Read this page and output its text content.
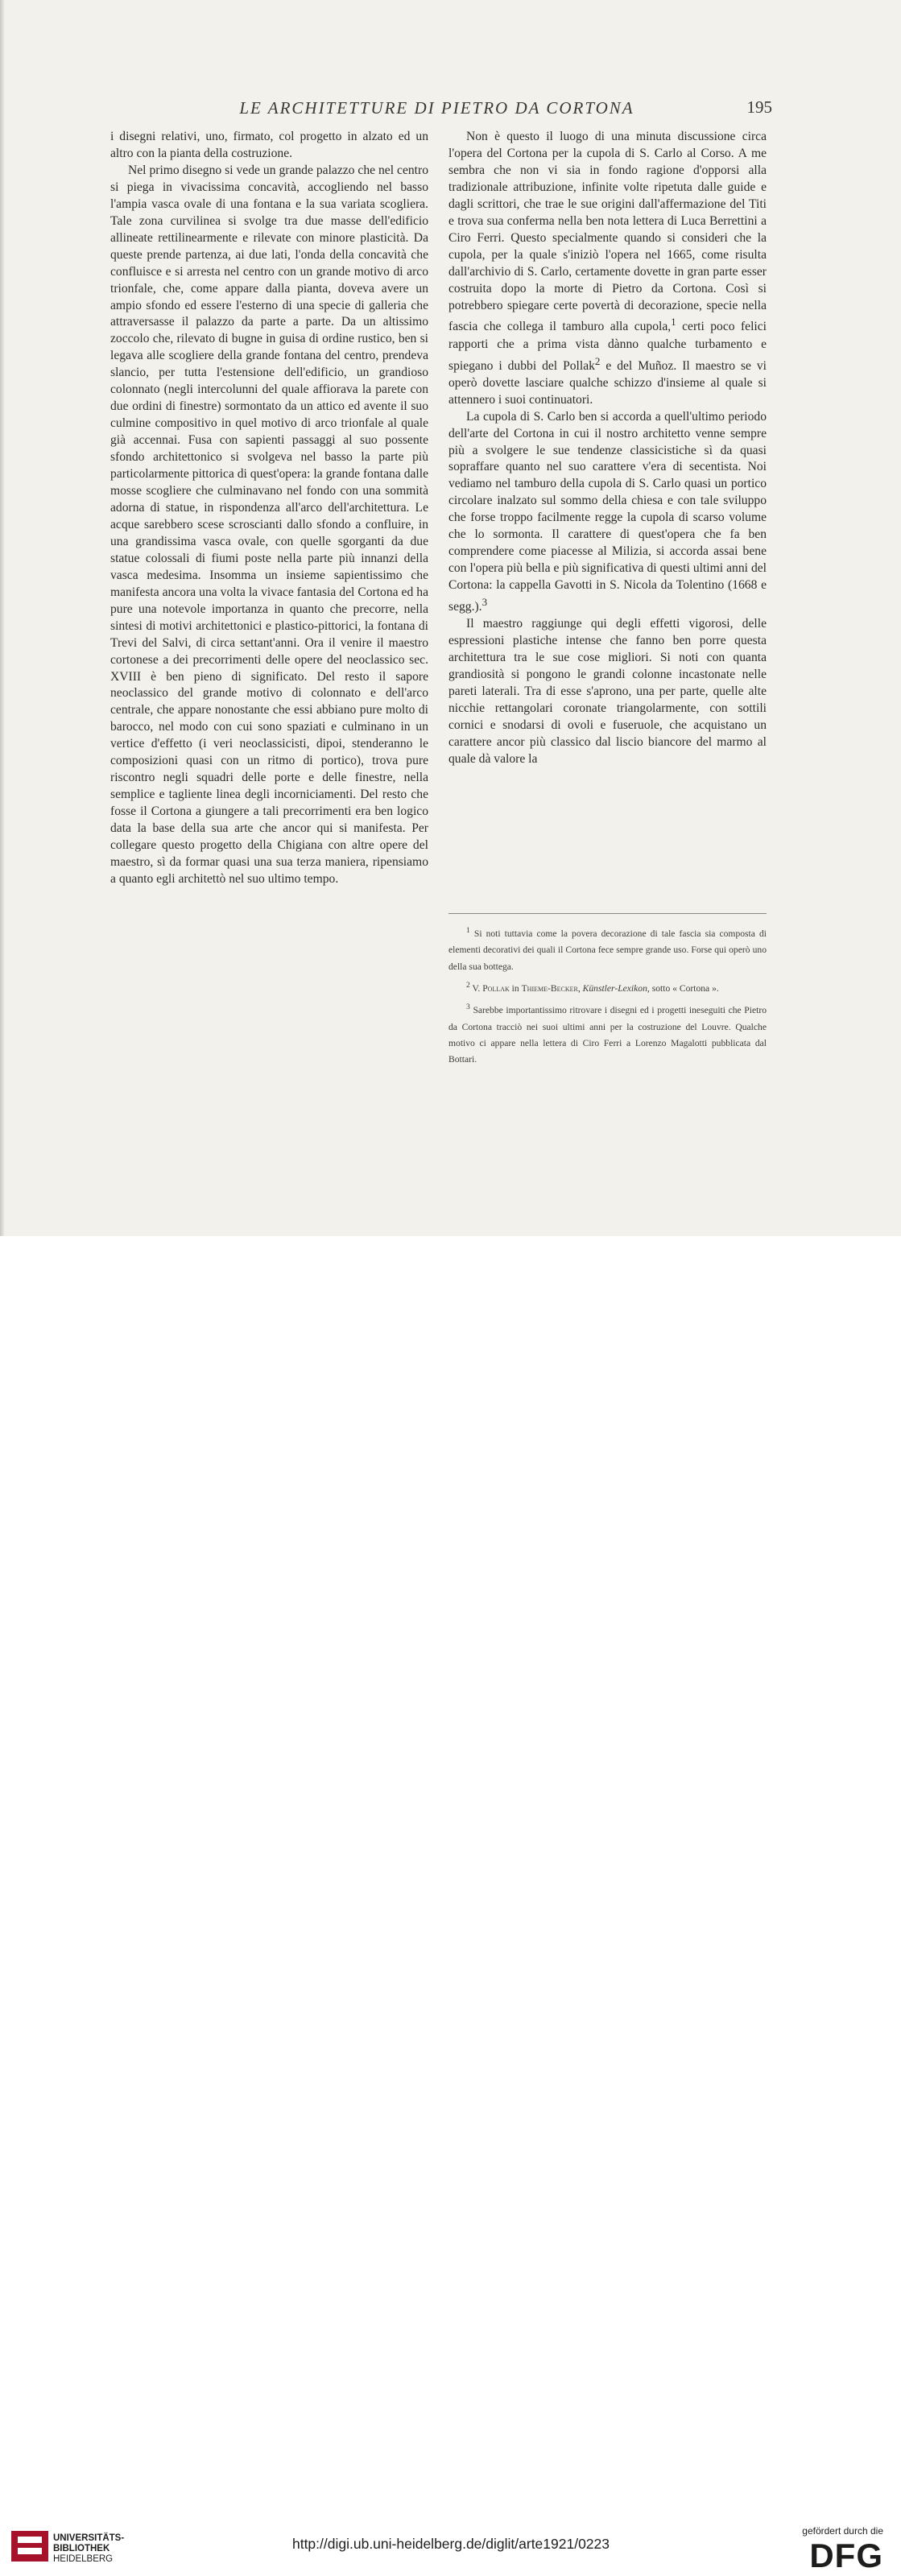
LE ARCHITETTURE DI PIETRO DA CORTONA	195

i disegni relativi, uno, firmato, col progetto in alzato ed un altro con la pianta della costruzione.

Nel primo disegno si vede un grande palazzo che nel centro si piega in vivacissima concavità, accogliendo nel basso l'ampia vasca ovale di una fontana e la sua variata scogliera. Tale zona curvilinea si svolge tra due masse dell'edificio allineate rettilinearmente e rilevate con minore plasticità. Da queste prende partenza, ai due lati, l'onda della concavità che confluisce e si arresta nel centro con un grande motivo di arco trionfale, che, come appare dalla pianta, doveva avere un ampio sfondo ed essere l'esterno di una specie di galleria che attraversasse il palazzo da parte a parte. Da un altissimo zoccolo che, rilevato di bugne in guisa di ordine rustico, ben si legava alle scogliere della grande fontana del centro, prendeva slancio, per tutta l'estensione dell'edificio, un grandioso colonnato (negli intercolunni del quale affiorava la parete con due ordini di finestre) sormontato da un attico ed avente il suo culmine compositivo in quel motivo di arco trionfale al quale già accennai. Fusa con sapienti passaggi al suo possente sfondo architettonico si svolgeva nel basso la parte più particolarmente pittorica di quest'opera: la grande fontana dalle mosse scogliere che culminavano nel fondo con una sommità adorna di statue, in rispondenza all'arco dell'architettura. Le acque sarebbero scese scroscianti dallo sfondo a confluire, in una grandissima vasca ovale, con quelle sgorganti da due statue colossali di fiumi poste nella parte più innanzi della vasca medesima. Insomma un insieme sapientissimo che manifesta ancora una volta la vivace fantasia del Cortona ed ha pure una notevole importanza in quanto che precorre, nella sintesi di motivi architettonici e plastico-pittorici, la fontana di Trevi del Salvi, di circa settant'anni. Ora il venire il maestro cortonese a dei precorrimenti delle opere del neoclassico sec. XVIII è ben pieno di significato. Del resto il sapore neoclassico del grande motivo di colonnato e dell'arco centrale, che appare nonostante che essi abbiano pure molto di barocco, nel modo con cui sono spaziati e culminano in un vertice d'effetto (i veri neoclassicisti, dipoi, stenderanno le composizioni quasi con un ritmo di portico), trova pure riscontro negli squadri delle porte e delle finestre, nella semplice e tagliente linea degli incorniciamenti. Del resto che fosse il Cortona a giungere a tali precorrimenti era ben logico data la base della sua arte che ancor qui si manifesta. Per collegare questo progetto della Chigiana con altre opere del maestro, sì da formar quasi una sua terza maniera, ripensiamo a quanto egli architettò nel suo ultimo tempo.

Non è questo il luogo di una minuta discussione circa l'opera del Cortona per la cupola di S. Carlo al Corso. A me sembra che non vi sia in fondo ragione d'opporsi alla tradizionale attribuzione, infinite volte ripetuta dalle guide e dagli scrittori, che trae le sue origini dall'affermazione del Titi e trova sua conferma nella ben nota lettera di Luca Berrettini a Ciro Ferri. Questo specialmente quando si consideri che la cupola, per la quale s'iniziò l'opera nel 1665, come risulta dall'archivio di S. Carlo, certamente dovette in gran parte esser costruita dopo la morte di Pietro da Cortona. Così si potrebbero spiegare certe povertà di decorazione, specie nella fascia che collega il tamburo alla cupola,$^1$ certi poco felici rapporti che a prima vista dànno qualche turbamento e spiegano i dubbi del Pollak$^2$ e del Muñoz. Il maestro se vi operò dovette lasciare qualche schizzo d'insieme al quale si attennero i suoi continuatori.

La cupola di S. Carlo ben si accorda a quell'ultimo periodo dell'arte del Cortona in cui il nostro architetto venne sempre più a svolgere le sue tendenze classicistiche sì da quasi sopraffare quanto nel suo carattere v'era di secentista. Noi vediamo nel tamburo della cupola di S. Carlo quasi un portico circolare inalzato sul sommo della chiesa e con tale sviluppo che forse troppo facilmente regge la cupola di scarso volume che lo sormonta. Il carattere di quest'opera che fa ben comprendere come piacesse al Milizia, si accorda assai bene con l'opera più bella e più significativa di questi ultimi anni del Cortona: la cappella Gavotti in S. Nicola da Tolentino (1668 e segg.).$^3$

Il maestro raggiunge qui degli effetti vigorosi, delle espressioni plastiche intense che fanno ben porre questa architettura tra le sue cose migliori. Si noti con quanta grandiosità si pongono le grandi colonne incastonate nelle pareti laterali. Tra di esse s'aprono, una per parte, quelle alte nicchie rettangolari coronate triangolarmente, con sottili cornici e snodarsi di ovoli e fuseruole, che acquistano un carattere ancor più classico dal liscio biancore del marmo al quale dà valore la

$^1$ Si noti tuttavia come la povera decorazione di tale fascia sia composta di elementi decorativi dei quali il Cortona fece sempre grande uso. Forse qui operò uno della sua bottega.

$^2$ V. Pollak in Thieme-Becker, Künstler-Lexikon, sotto « Cortona ».

$^3$ Sarebbe importantissimo ritrovare i disegni ed i progetti ineseguiti che Pietro da Cortona tracciò nei suoi ultimi anni per la costruzione del Louvre. Qualche motivo ci appare nella lettera di Ciro Ferri a Lorenzo Magalotti pubblicata dal Bottari.

UNIVERSITÄTS-
BIBLIOTHEK
HEIDELBERG
http://digi.ub.uni-heidelberg.de/diglit/arte1921/0223
gefördert durch die
DFG
